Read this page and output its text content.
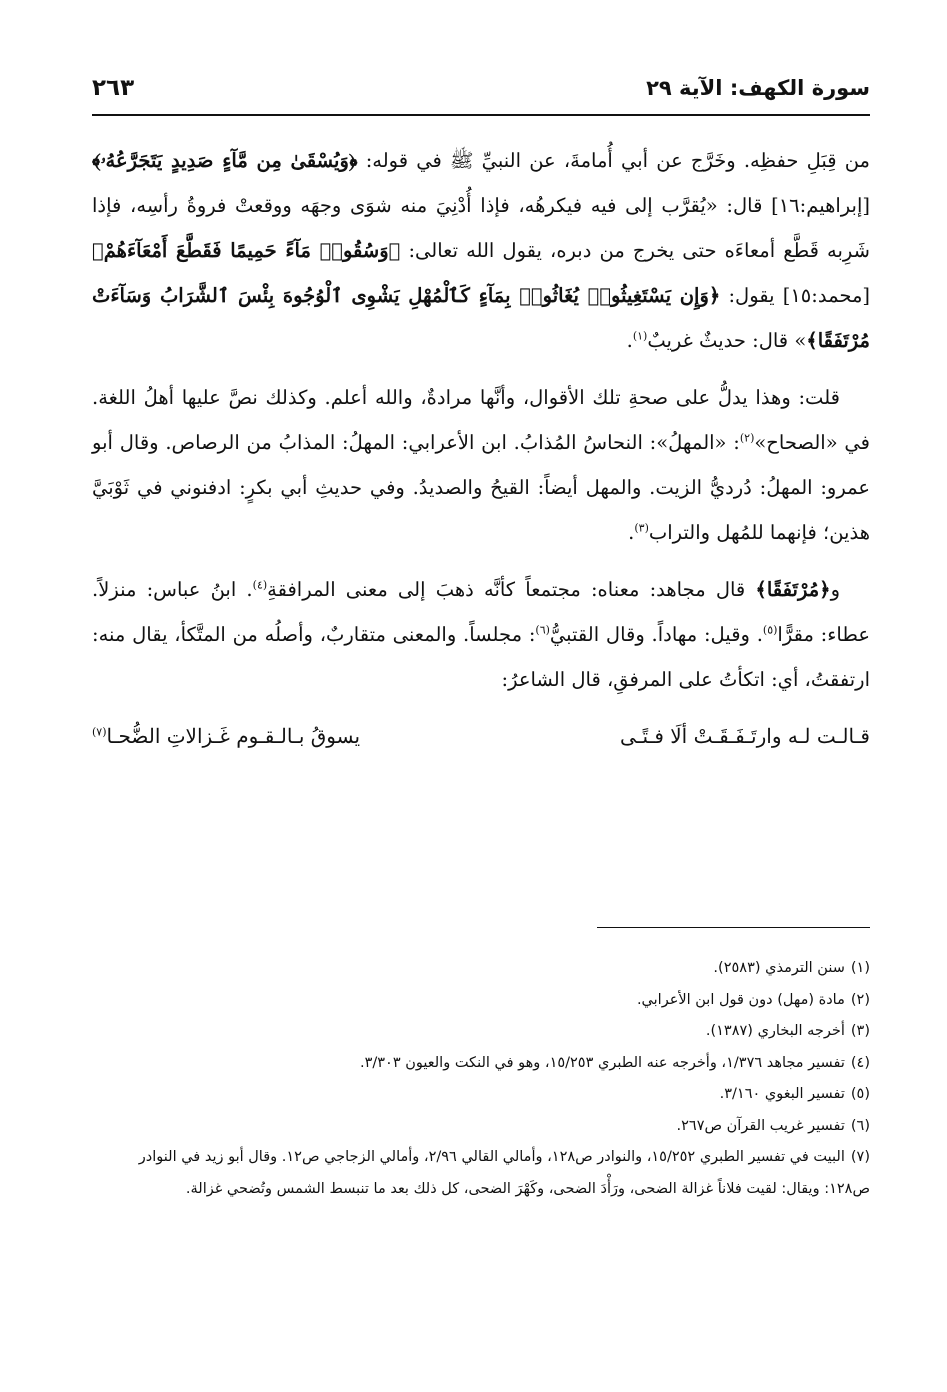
سورة الكهف: الآية ٢٩
٢٦٣

من قِبَلِ حفظِه. وخَرَّج عن أبي أُمامةَ، عن النبيِّ ﷺ في قوله: ﴿وَيُسْقَىٰ مِن مَّآءٍ صَدِيدٍ يَتَجَرَّعُهُۥ﴾ [إبراهيم:١٦] قال: «يُقرَّب إلى فيه فيكرهُه، فإذا أُدْنِيَ منه شوَى وجهَه ووقعتْ فروةُ رأسِه، فإذا شَرِبه قَطَّع أمعاءَه حتى يخرج من دبره، يقول الله تعالى: ﴿وَسُقُوا۟ مَآءً حَمِيمًا فَقَطَّعَ أَمْعَآءَهُمْ﴾ [محمد:١٥] يقول: ﴿وَإِن يَسْتَغِيثُوا۟ يُغَاثُوا۟ بِمَآءٍ كَٱلْمُهْلِ يَشْوِى ٱلْوُجُوهَ بِئْسَ ٱلشَّرَابُ وَسَآءَتْ مُرْتَفَقًا﴾» قال: حديثٌ غريبٌ$^{(١)}$.

قلت: وهذا يدلُّ على صحةِ تلك الأقوال، وأنَّها مرادةٌ، والله أعلم. وكذلك نصَّ عليها أهلُ اللغة. في «الصحاح»$^{(٢)}$: «المهلُ»: النحاسُ المُذابُ. ابن الأعرابي: المهلُ: المذابُ من الرصاص. وقال أبو عمرو: المهلُ: دُرديُّ الزيت. والمهل أيضاً: القيحُ والصديدُ. وفي حديثِ أبي بكرٍ: ادفنوني في ثَوْبَيَّ هذين؛ فإنهما للمُهل والتراب$^{(٣)}$.

و﴿مُرْتَفَقًا﴾ قال مجاهد: معناه: مجتمعاً كأنَّه ذهبَ إلى معنى المرافقةِ$^{(٤)}$. ابنُ عباس: منزلاً. عطاء: مقرًّا$^{(٥)}$. وقيل: مهاداً. وقال القتبيُّ$^{(٦)}$: مجلساً. والمعنى متقاربٌ، وأصلُه من المتَّكأ، يقال منه: ارتفقتُ، أي: اتكأتُ على المرفقِ، قال الشاعرُ:

قـالـت لـه وارتَـفَـقَـتْ ألَا فـتًـى
يسوقُ بـالـقـوم غَـزالاتِ الضُّحـا$^{(٧)}$

(١)سنن الترمذي (٢٥٨٣).

(٢)مادة (مهل) دون قول ابن الأعرابي.

(٣)أخرجه البخاري (١٣٨٧).

(٤)تفسير مجاهد ١/٣٧٦، وأخرجه عنه الطبري ١٥/٢٥٣، وهو في النكت والعيون ٣/٣٠٣.

(٥)تفسير البغوي ٣/١٦٠.

(٦)تفسير غريب القرآن ص٢٦٧.

(٧)البيت في تفسير الطبري ١٥/٢٥٢، والنوادر ص١٢٨، وأمالي القالي ٢/٩٦، وأمالي الزجاجي ص١٢. وقال أبو زيد في النوادر ص١٢٨: ويقال: لقيت فلاناً غزالة الضحى، ورَأْدَ الضحى، وكَهْرَ الضحى، كل ذلك بعد ما تنبسط الشمس وتُضحي غزالة.
